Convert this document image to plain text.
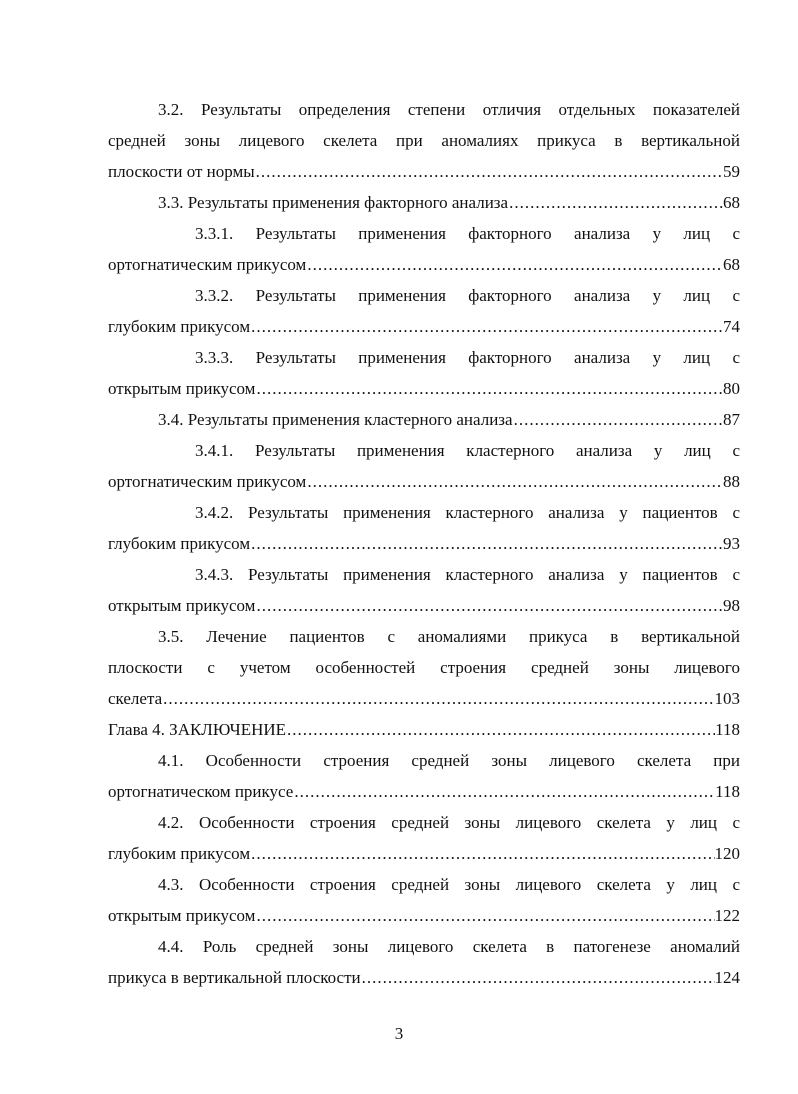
3.2. Результаты определения степени отличия отдельных показателей
средней зоны лицевого скелета при аномалиях прикуса в вертикальной
плоскости от нормы .....	59
3.3. Результаты применения факторного анализа .....	68
3.3.1. Результаты применения факторного анализа у лиц с
ортогнатическим прикусом .....	68
3.3.2. Результаты применения факторного анализа у лиц с
глубоким прикусом .....	74
3.3.3. Результаты применения факторного анализа у лиц с
открытым прикусом .....	80
3.4. Результаты применения кластерного анализа .....	87
3.4.1. Результаты применения кластерного анализа у лиц с
ортогнатическим прикусом .....	88
3.4.2. Результаты применения кластерного анализа у пациентов с
глубоким прикусом .....	93
3.4.3. Результаты применения кластерного анализа у пациентов с
открытым прикусом .....	98
3.5. Лечение пациентов с аномалиями прикуса в вертикальной
плоскости с учетом особенностей строения средней зоны лицевого
скелета .....	103
Глава 4. ЗАКЛЮЧЕНИЕ .....	118
4.1. Особенности строения средней зоны лицевого скелета при
ортогнатическом прикусе .....	118
4.2. Особенности строения средней зоны лицевого скелета у лиц с
глубоким прикусом .....	120
4.3. Особенности строения средней зоны лицевого скелета у лиц с
открытым прикусом .....	122
4.4. Роль средней зоны лицевого скелета в патогенезе аномалий
прикуса в вертикальной плоскости .....	124
3
